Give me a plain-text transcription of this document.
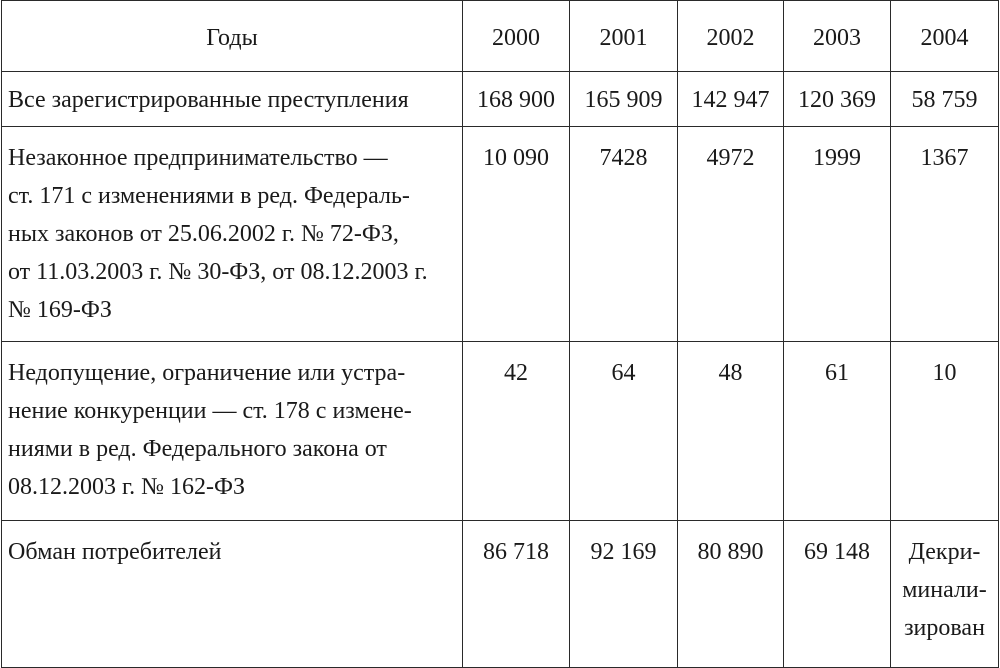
Годы	2000	2001	2002	2003	2004

Все зарегистрированные преступления	168 900	165 909	142 947	120 369	58 759

Незаконное предпринимательство —
ст. 171 с изменениями в ред. Федераль-
ных законов от 25.06.2002 г. № 72-ФЗ,
от 11.03.2003 г. № 30-ФЗ, от 08.12.2003 г.
№ 169-ФЗ	10 090	7428	4972	1999	1367

Недопущение, ограничение или устра-
нение конкуренции — ст. 178 с измене-
ниями в ред. Федерального закона от
08.12.2003 г. № 162-ФЗ	42	64	48	61	10

Обман потребителей	86 718	92 169	80 890	69 148	Декри-
минали-
зирован
